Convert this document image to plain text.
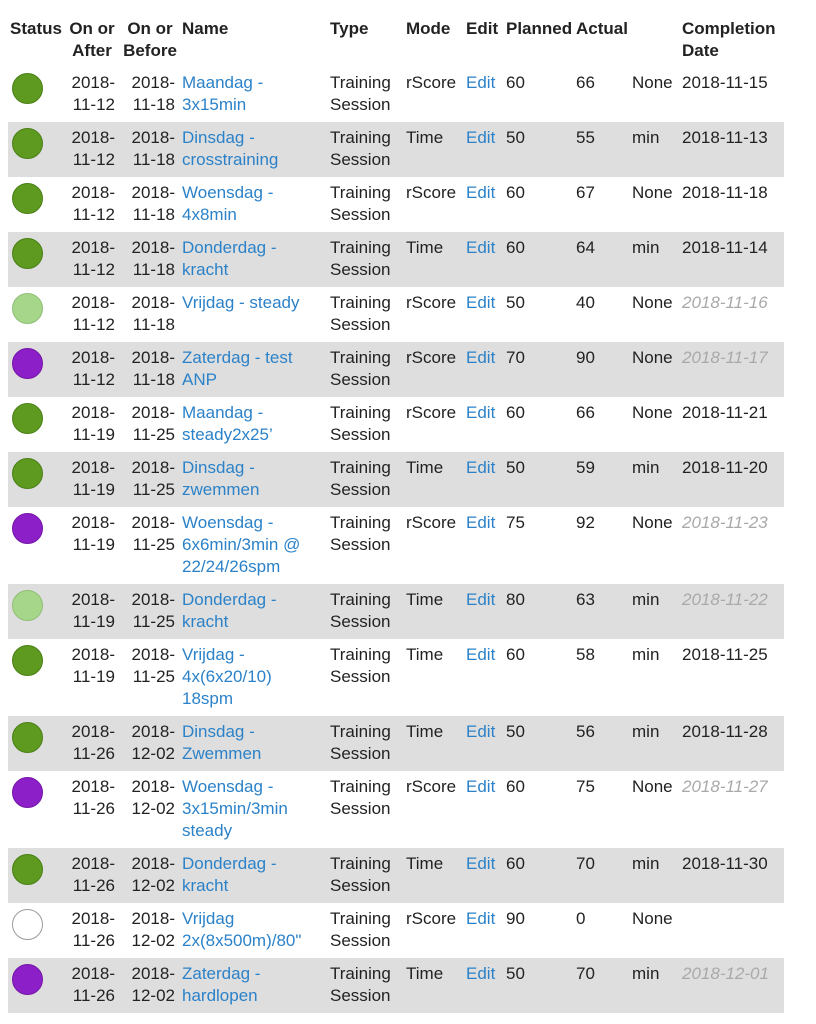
Status	On or After	On or Before	Name	Type	Mode	Edit	Planned	Actual		Completion Date
	2018-11-12	2018-11-18	Maandag - 3x15min	Training Session	rScore	Edit	60	66	None	2018-11-15
	2018-11-12	2018-11-18	Dinsdag - crosstraining	Training Session	Time	Edit	50	55	min	2018-11-13
	2018-11-12	2018-11-18	Woensdag - 4x8min	Training Session	rScore	Edit	60	67	None	2018-11-18
	2018-11-12	2018-11-18	Donderdag - kracht	Training Session	Time	Edit	60	64	min	2018-11-14
	2018-11-12	2018-11-18	Vrijdag - steady	Training Session	rScore	Edit	50	40	None	2018-11-16
	2018-11-12	2018-11-18	Zaterdag - test ANP	Training Session	rScore	Edit	70	90	None	2018-11-17
	2018-11-19	2018-11-25	Maandag - steady2x25’	Training Session	rScore	Edit	60	66	None	2018-11-21
	2018-11-19	2018-11-25	Dinsdag - zwemmen	Training Session	Time	Edit	50	59	min	2018-11-20
	2018-11-19	2018-11-25	Woensdag - 6x6min/3min @ 22/24/26spm	Training Session	rScore	Edit	75	92	None	2018-11-23
	2018-11-19	2018-11-25	Donderdag - kracht	Training Session	Time	Edit	80	63	min	2018-11-22
	2018-11-19	2018-11-25	Vrijdag - 4x(6x20/10) 18spm	Training Session	Time	Edit	60	58	min	2018-11-25
	2018-11-26	2018-12-02	Dinsdag - Zwemmen	Training Session	Time	Edit	50	56	min	2018-11-28
	2018-11-26	2018-12-02	Woensdag - 3x15min/3min steady	Training Session	rScore	Edit	60	75	None	2018-11-27
	2018-11-26	2018-12-02	Donderdag - kracht	Training Session	Time	Edit	60	70	min	2018-11-30
	2018-11-26	2018-12-02	Vrijdag 2x(8x500m)/80"	Training Session	rScore	Edit	90	0	None	
	2018-11-26	2018-12-02	Zaterdag - hardlopen	Training Session	Time	Edit	50	70	min	2018-12-01
